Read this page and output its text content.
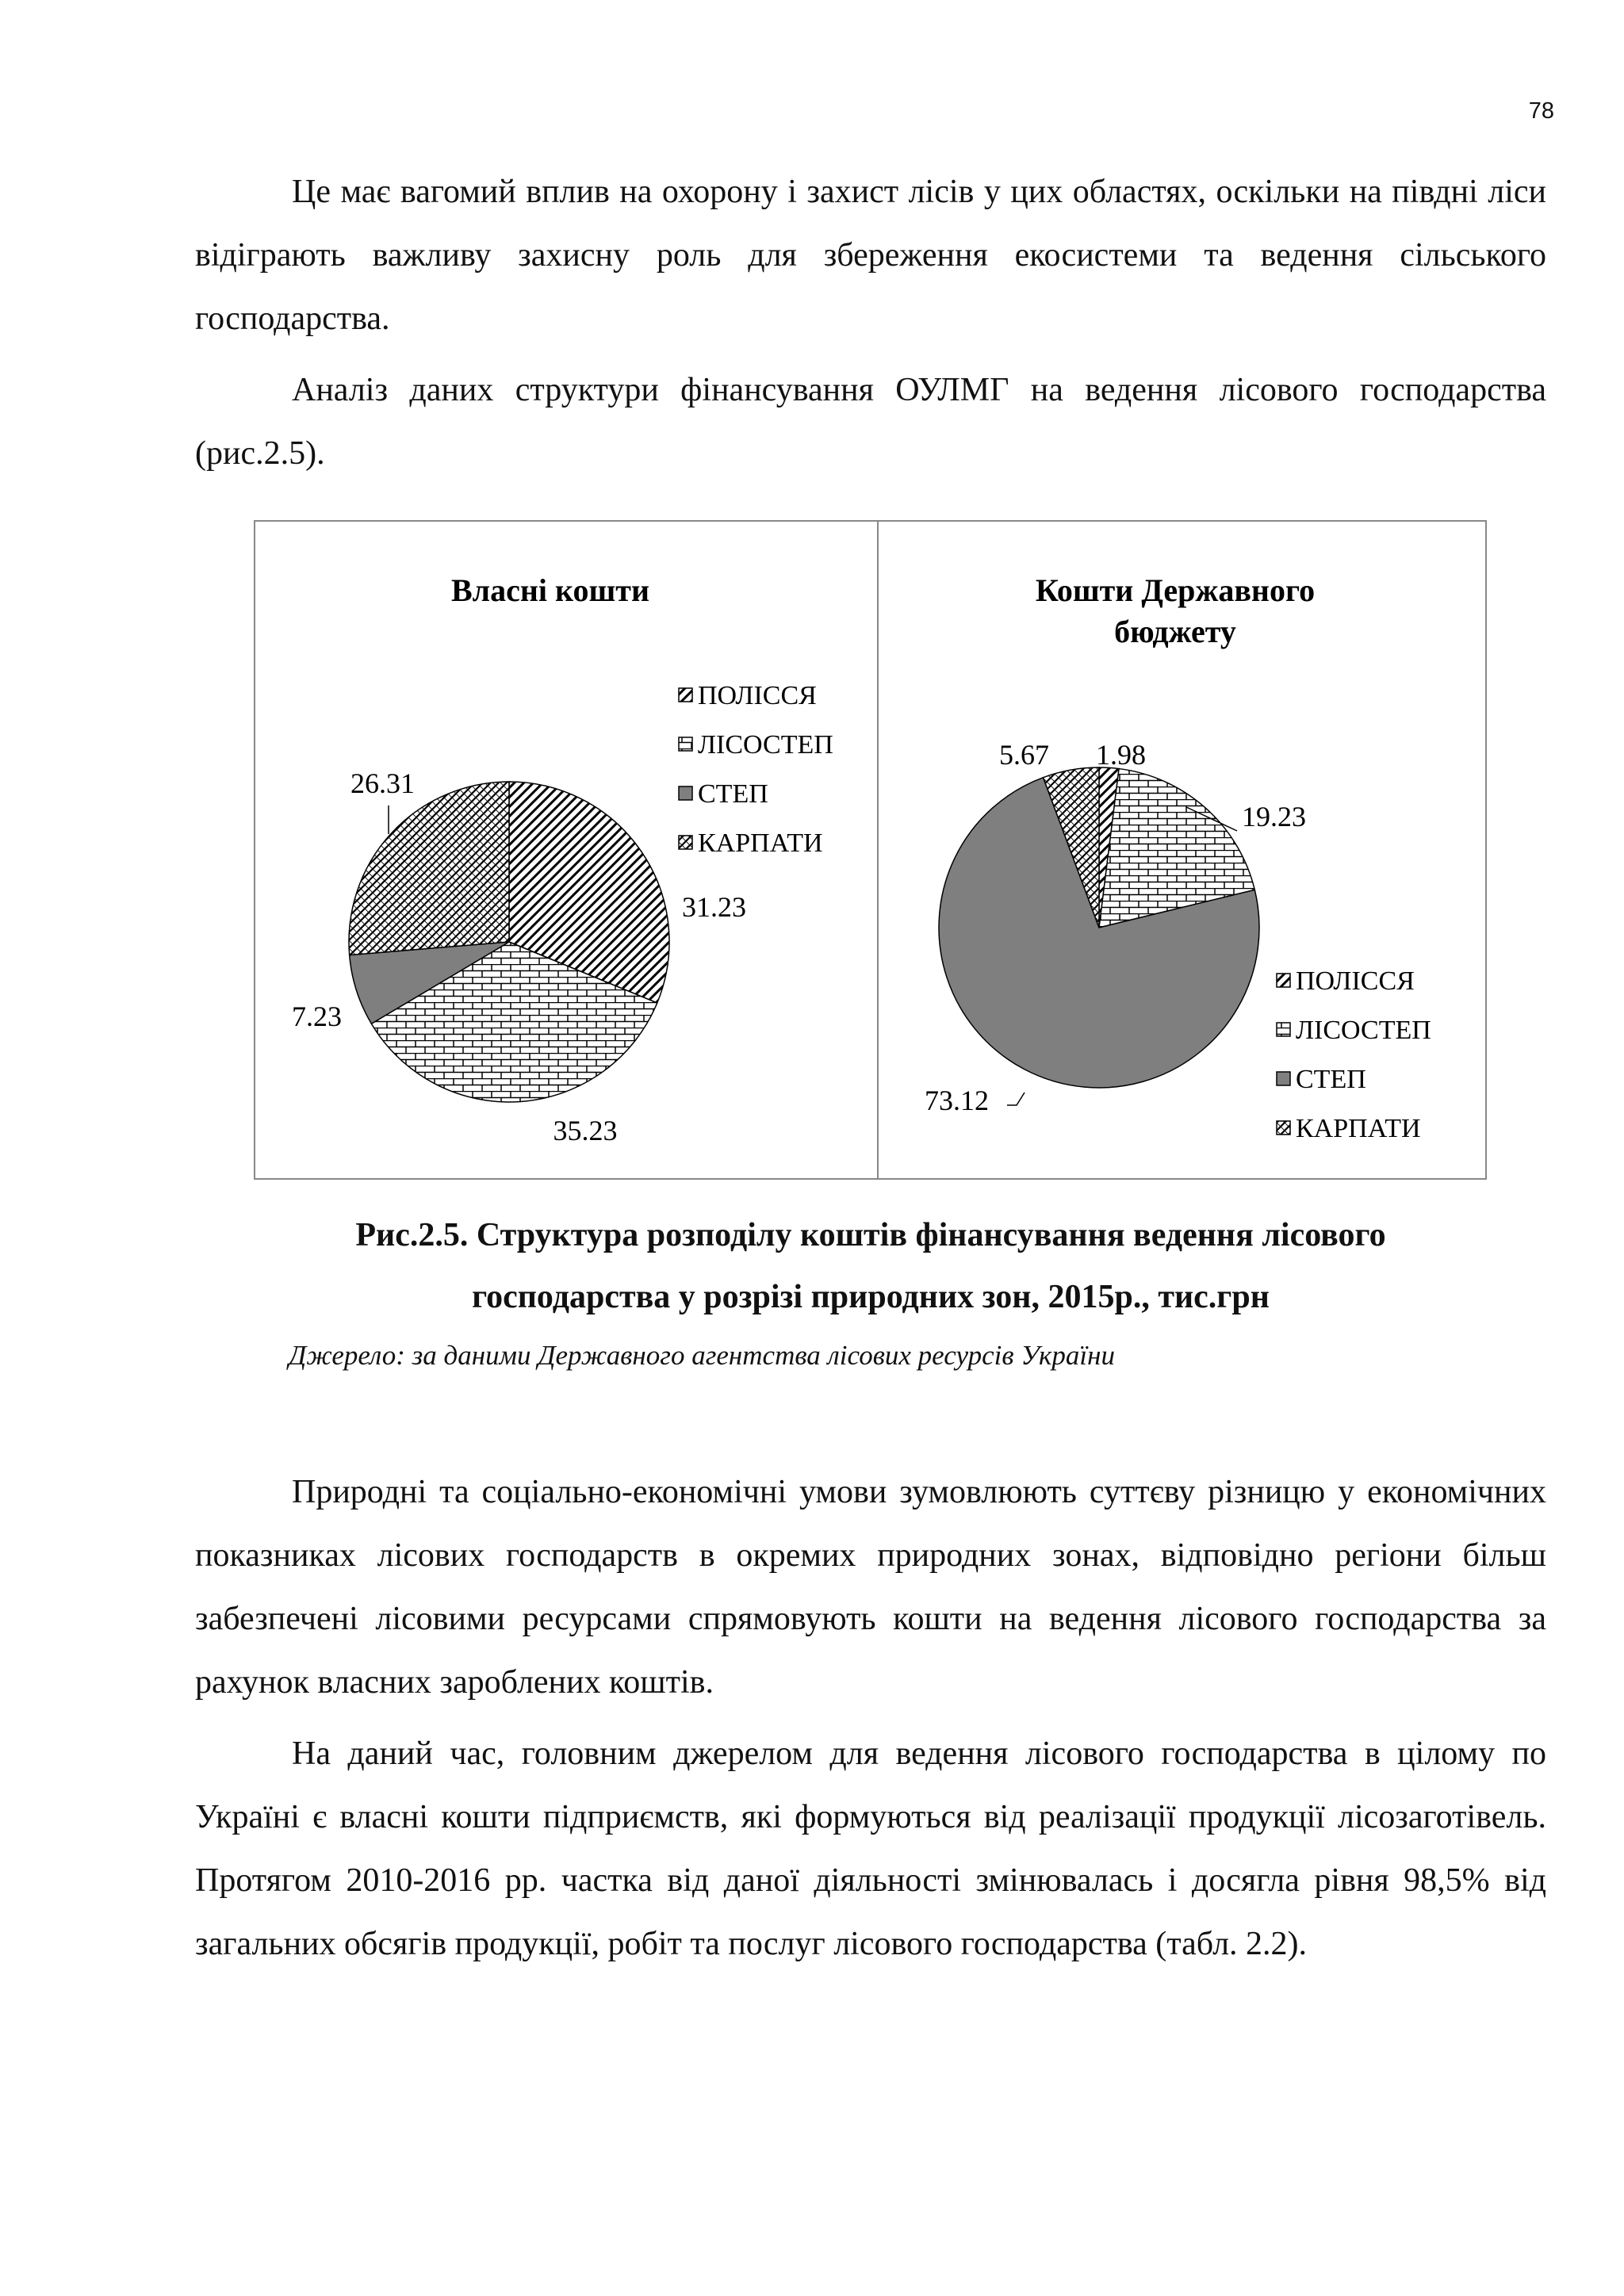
78

Це має вагомий вплив на охорону і захист лісів у цих областях, оскільки на півдні ліси відіграють важливу захисну роль для збереження екосистеми та ведення сільського господарства.

Аналіз даних структури фінансування ОУЛМГ на ведення лісового господарства (рис.2.5).

Власні кошти
31.23
35.23
7.23
26.31
ПОЛІССЯ
ЛІСОСТЕП
СТЕП
КАРПАТИ
Кошти Державного
бюджету
1.98
19.23
73.12
5.67
ПОЛІССЯ
ЛІСОСТЕП
СТЕП
КАРПАТИ

Рис.2.5. Структура розподілу коштів фінансування ведення лісового

господарства у розрізі природних зон, 2015р., тис.грн

Джерело: за даними Державного агентства лісових ресурсів України

Природні та соціально-економічні умови зумовлюють суттєву різницю у економічних показниках лісових господарств в окремих природних зонах, відповідно регіони більш забезпечені лісовими ресурсами спрямовують кошти на ведення лісового господарства за рахунок власних зароблених коштів.

На даний час, головним джерелом для ведення лісового господарства в цілому по Україні є власні кошти підприємств, які формуються від реалізації продукції лісозаготівель. Протягом 2010-2016 рр. частка від даної діяльності змінювалась і досягла рівня 98,5% від загальних обсягів продукції, робіт та послуг лісового господарства (табл. 2.2).
